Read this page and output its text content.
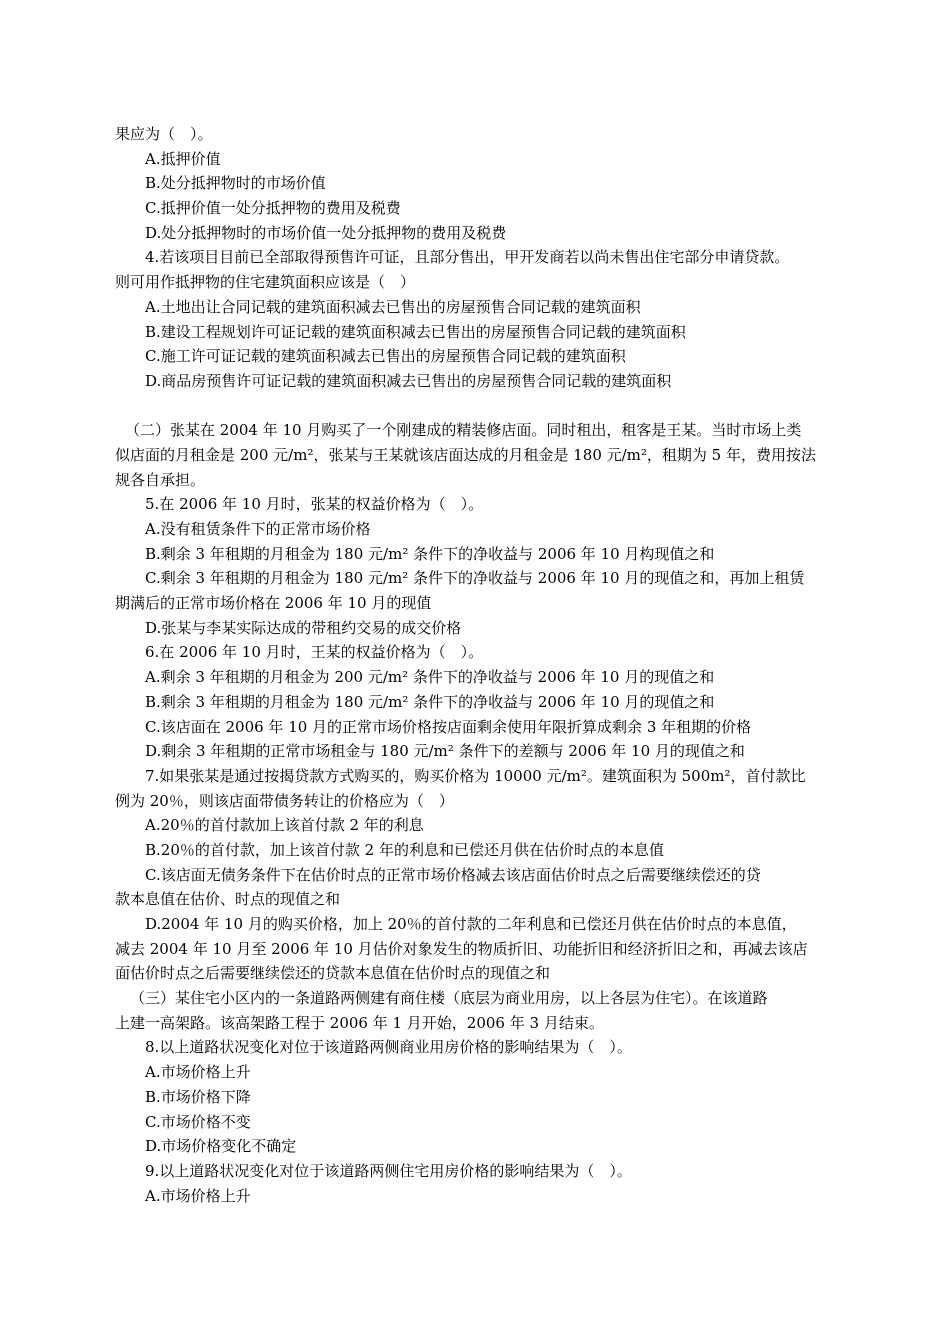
果应为（　）。
A.抵押价值
B.处分抵押物时的市场价值
C.抵押价值一处分抵押物的费用及税费
D.处分抵押物时的市场价值一处分抵押物的费用及税费
4.若该项目目前已全部取得预售许可证，且部分售出，甲开发商若以尚未售出住宅部分申请贷款。
则可用作抵押物的住宅建筑面积应该是（　）
A.土地出让合同记载的建筑面积减去已售出的房屋预售合同记载的建筑面积
B.建设工程规划许可证记载的建筑面积减去已售出的房屋预售合同记载的建筑面积
C.施工许可证记载的建筑面积减去已售出的房屋预售合同记载的建筑面积
D.商品房预售许可证记载的建筑面积减去已售出的房屋预售合同记载的建筑面积
（二）张某在 2004 年 10 月购买了一个刚建成的精装修店面。同时租出，租客是王某。当时市场上类
似店面的月租金是 200 元/m²，张某与王某就该店面达成的月租金是 180 元/m²，租期为 5 年，费用按法
规各自承担。
5.在 2006 年 10 月时，张某的权益价格为（　）。
A.没有租赁条件下的正常市场价格
B.剩余 3 年租期的月租金为 180 元/m² 条件下的净收益与 2006 年 10 月构现值之和
C.剩余 3 年租期的月租金为 180 元/m² 条件下的净收益与 2006 年 10 月的现值之和，再加上租赁
期满后的正常市场价格在 2006 年 10 月的现值
D.张某与李某实际达成的带租约交易的成交价格
6.在 2006 年 10 月时，王某的权益价格为（　）。
A.剩余 3 年租期的月租金为 200 元/m² 条件下的净收益与 2006 年 10 月的现值之和
B.剩余 3 年租期的月租金为 180 元/m² 条件下的净收益与 2006 年 10 月的现值之和
C.该店面在 2006 年 10 月的正常市场价格按店面剩余使用年限折算成剩余 3 年租期的价格
D.剩余 3 年租期的正常市场租金与 180 元/m² 条件下的差额与 2006 年 10 月的现值之和
7.如果张某是通过按揭贷款方式购买的，购买价格为 10000 元/m²。建筑面积为 500m²，首付款比
例为 20％，则该店面带债务转让的价格应为（　）
A.20％的首付款加上该首付款 2 年的利息
B.20％的首付款，加上该首付款 2 年的利息和已偿还月供在估价时点的本息值
C.该店面无债务条件下在估价时点的正常市场价格减去该店面估价时点之后需要继续偿还的贷
款本息值在估价、时点的现值之和
D.2004 年 10 月的购买价格，加上 20％的首付款的二年利息和已偿还月供在估价时点的本息值，
减去 2004 年 10 月至 2006 年 10 月估价对象发生的物质折旧、功能折旧和经济折旧之和，再减去该店
面估价时点之后需要继续偿还的贷款本息值在估价时点的现值之和
（三）某住宅小区内的一条道路两侧建有商住楼（底层为商业用房，以上各层为住宅）。在该道路
上建一高架路。该高架路工程于 2006 年 1 月开始，2006 年 3 月结束。
8.以上道路状况变化对位于该道路两侧商业用房价格的影响结果为（　）。
A.市场价格上升
B.市场价格下降
C.市场价格不变
D.市场价格变化不确定
9.以上道路状况变化对位于该道路两侧住宅用房价格的影响结果为（　）。
A.市场价格上升
